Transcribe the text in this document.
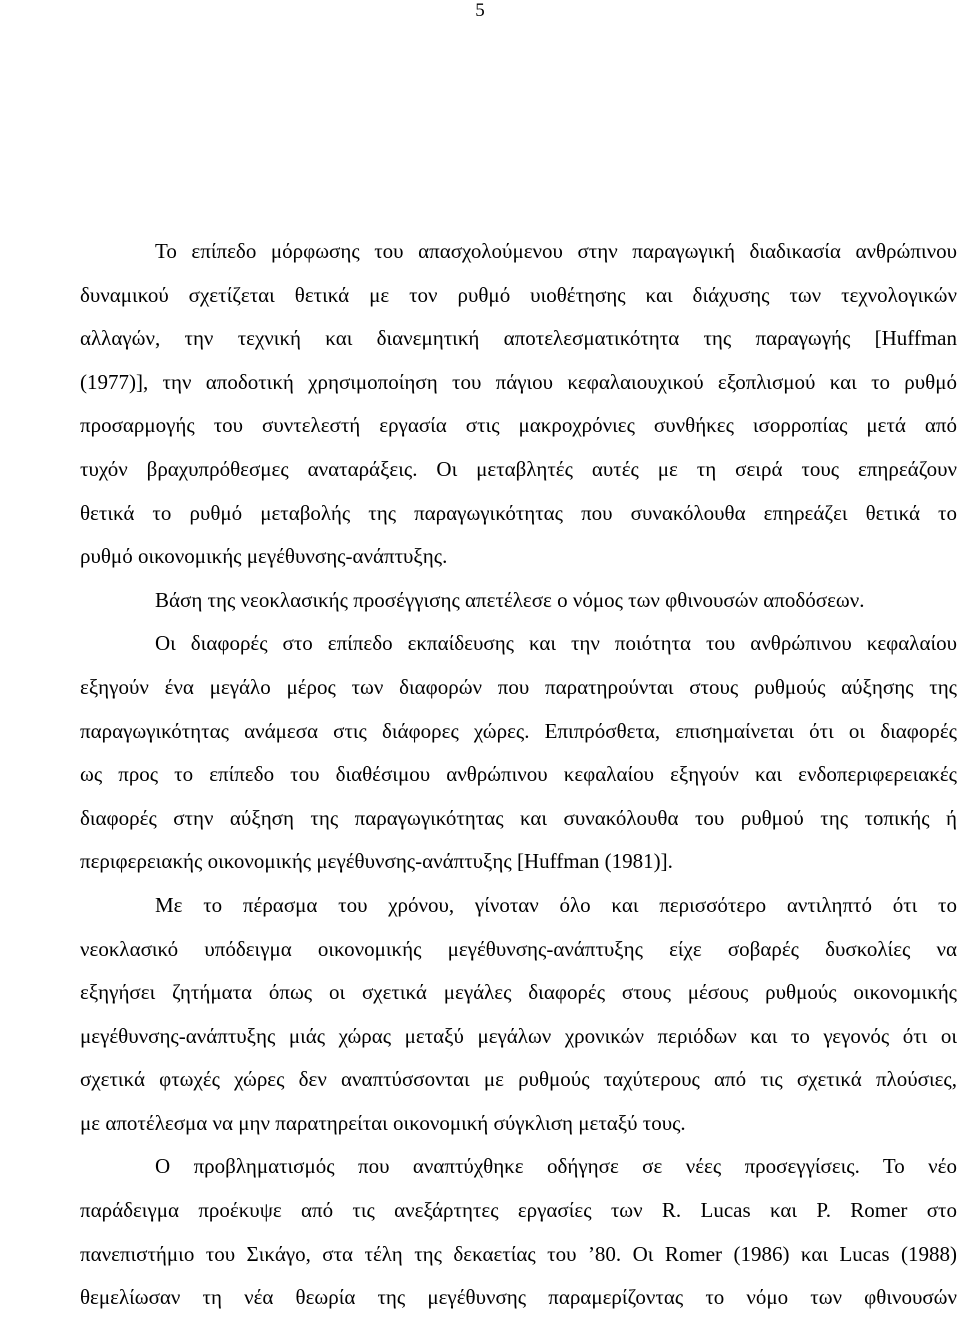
5
Το επίπεδο μόρφωσης του απασχολούμενου στην παραγωγική διαδικασία ανθρώπινου
δυναμικού σχετίζεται θετικά με τον ρυθμό υιοθέτησης και διάχυσης των τεχνολογικών
αλλαγών, την τεχνική και διανεμητική αποτελεσματικότητα της παραγωγής [Huffman
(1977)], την αποδοτική χρησιμοποίηση του πάγιου κεφαλαιουχικού εξοπλισμού και το ρυθμό
προσαρμογής του συντελεστή εργασία στις μακροχρόνιες συνθήκες ισορροπίας μετά από
τυχόν βραχυπρόθεσμες αναταράξεις. Οι μεταβλητές αυτές με τη σειρά τους επηρεάζουν
θετικά το ρυθμό μεταβολής της παραγωγικότητας που συνακόλουθα επηρεάζει θετικά το
ρυθμό οικονομικής μεγέθυνσης-ανάπτυξης.
Βάση της νεοκλασικής προσέγγισης απετέλεσε ο νόμος των φθινουσών αποδόσεων.
Οι διαφορές στο επίπεδο εκπαίδευσης και την ποιότητα του ανθρώπινου κεφαλαίου
εξηγούν ένα μεγάλο μέρος των διαφορών που παρατηρούνται στους ρυθμούς αύξησης της
παραγωγικότητας ανάμεσα στις διάφορες χώρες. Επιπρόσθετα, επισημαίνεται ότι οι διαφορές
ως προς το επίπεδο του διαθέσιμου ανθρώπινου κεφαλαίου εξηγούν και ενδοπεριφερειακές
διαφορές στην αύξηση της παραγωγικότητας και συνακόλουθα του ρυθμού της τοπικής ή
περιφερειακής οικονομικής μεγέθυνσης-ανάπτυξης [Huffman (1981)].
Με το πέρασμα του χρόνου, γίνοταν όλο και περισσότερο αντιληπτό ότι το
νεοκλασικό υπόδειγμα οικονομικής μεγέθυνσης-ανάπτυξης είχε σοβαρές δυσκολίες να
εξηγήσει ζητήματα όπως οι σχετικά μεγάλες διαφορές στους μέσους ρυθμούς οικονομικής
μεγέθυνσης-ανάπτυξης μιάς χώρας μεταξύ μεγάλων χρονικών περιόδων και το γεγονός ότι οι
σχετικά φτωχές χώρες δεν αναπτύσσονται με ρυθμούς ταχύτερους από τις σχετικά πλούσιες,
με αποτέλεσμα να μην παρατηρείται οικονομική σύγκλιση μεταξύ τους.
Ο προβληματισμός που αναπτύχθηκε οδήγησε σε νέες προσεγγίσεις. Το νέο
παράδειγμα προέκυψε από τις ανεξάρτητες εργασίες των R. Lucas και P. Romer στο
πανεπιστήμιο του Σικάγο, στα τέλη της δεκαετίας του ’80. Οι Romer (1986) και Lucas (1988)
θεμελίωσαν τη νέα θεωρία της μεγέθυνσης παραμερίζοντας το νόμο των φθινουσών
